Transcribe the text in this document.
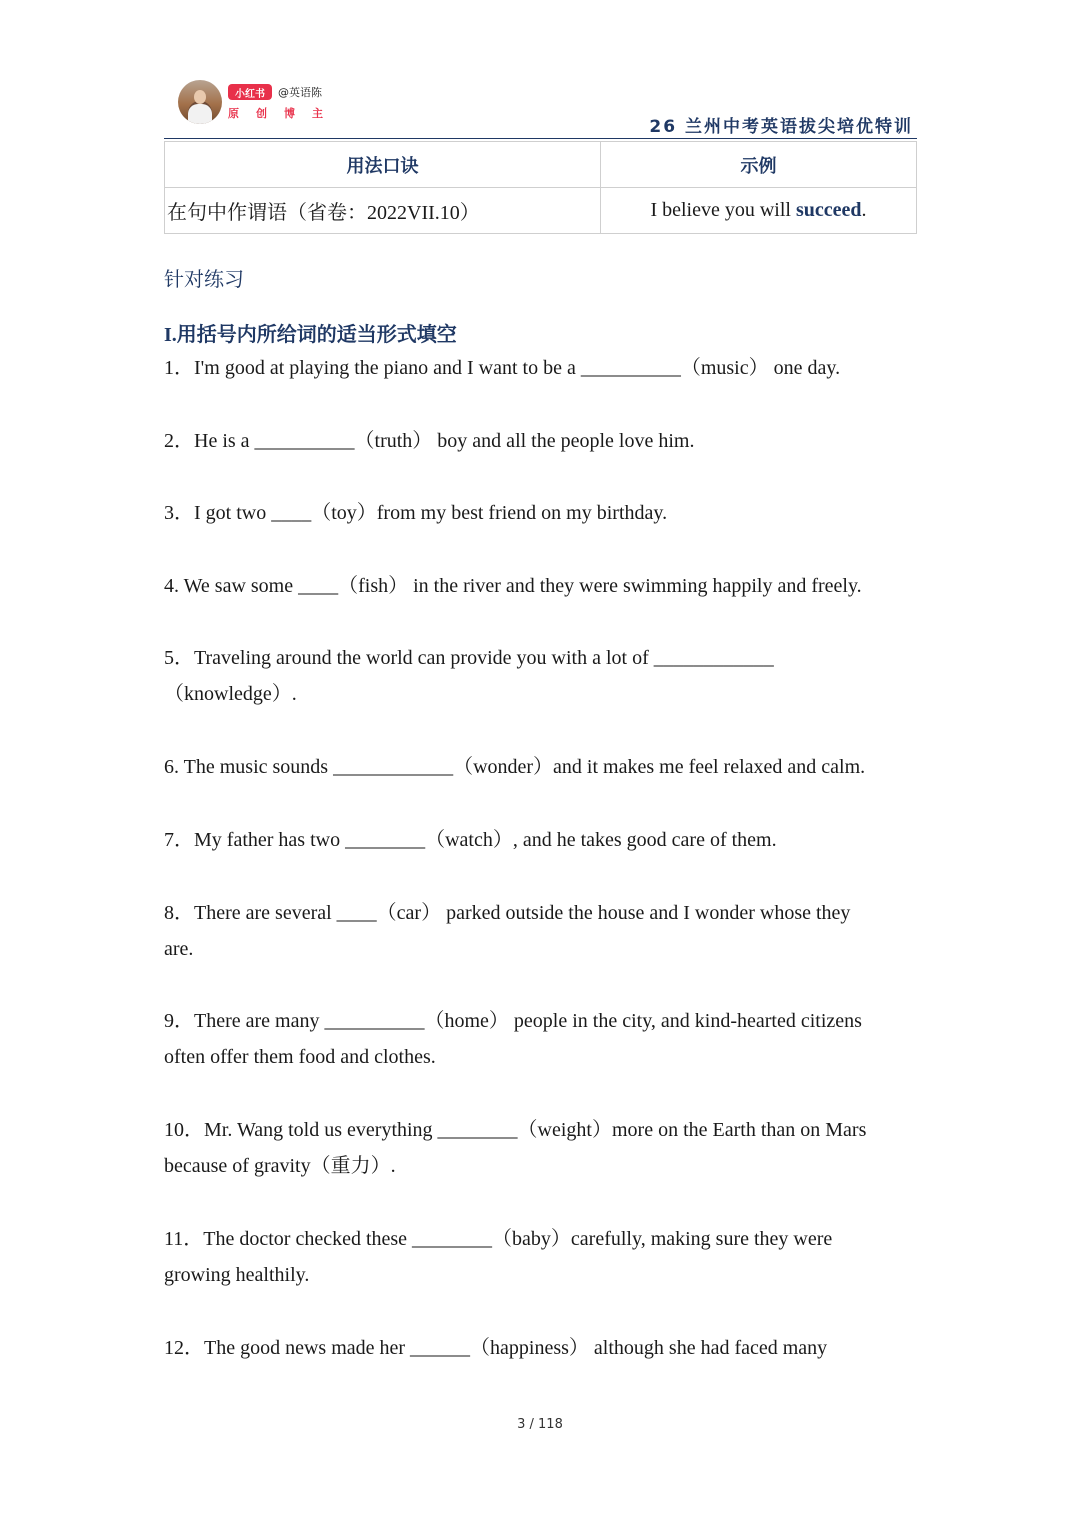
小红书	@英语陈
原创博主
26 兰州中考英语拔尖培优特训
用法口诀	示例
在句中作谓语（省卷：2022VII.10）	I believe you will succeed.
针对练习
I.用括号内所给词的适当形式填空
1．I'm good at playing the piano and I want to be a __________（music） one day.
2．He is a __________（truth） boy and all the people love him.
3．I got two ____（toy）from my best friend on my birthday.
4. We saw some ____（fish） in the river and they were swimming happily and freely.
5．Traveling around the world can provide you with a lot of ____________
（knowledge）.
6. The music sounds ____________（wonder）and it makes me feel relaxed and calm.
7．My father has two ________（watch）, and he takes good care of them.
8．There are several ____（car） parked outside the house and I wonder whose they
are.
9．There are many __________（home） people in the city, and kind-hearted citizens
often offer them food and clothes.
10．Mr. Wang told us everything ________（weight）more on the Earth than on Mars
because of gravity（重力）.
11．The doctor checked these ________（baby）carefully, making sure they were
growing healthily.
12．The good news made her ______（happiness） although she had faced many
3 / 118
